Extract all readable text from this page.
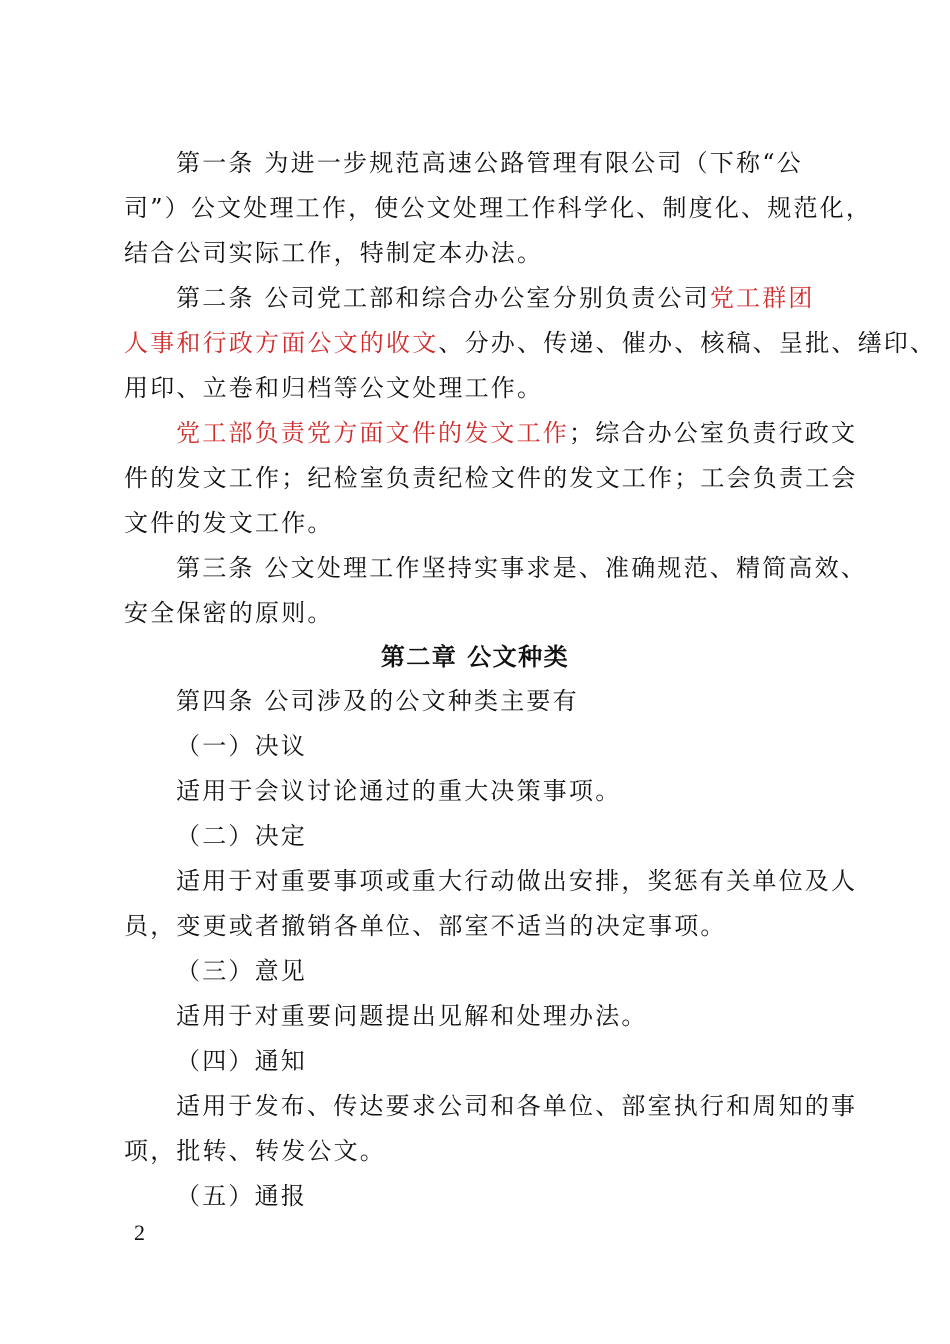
第一条 为进一步规范高速公路管理有限公司（下称“公
司”）公文处理工作，使公文处理工作科学化、制度化、规范化，
结合公司实际工作，特制定本办法。
第二条 公司党工部和综合办公室分别负责公司党工群团
人事和行政方面公文的收文、分办、传递、催办、核稿、呈批、缮印、
用印、立卷和归档等公文处理工作。
党工部负责党方面文件的发文工作；综合办公室负责行政文
件的发文工作；纪检室负责纪检文件的发文工作；工会负责工会
文件的发文工作。
第三条 公文处理工作坚持实事求是、准确规范、精简高效、
安全保密的原则。
第二章 公文种类
第四条 公司涉及的公文种类主要有
（一）决议
适用于会议讨论通过的重大决策事项。
（二）决定
适用于对重要事项或重大行动做出安排，奖惩有关单位及人
员，变更或者撤销各单位、部室不适当的决定事项。
（三）意见
适用于对重要问题提出见解和处理办法。
（四）通知
适用于发布、传达要求公司和各单位、部室执行和周知的事
项，批转、转发公文。
（五）通报
2
